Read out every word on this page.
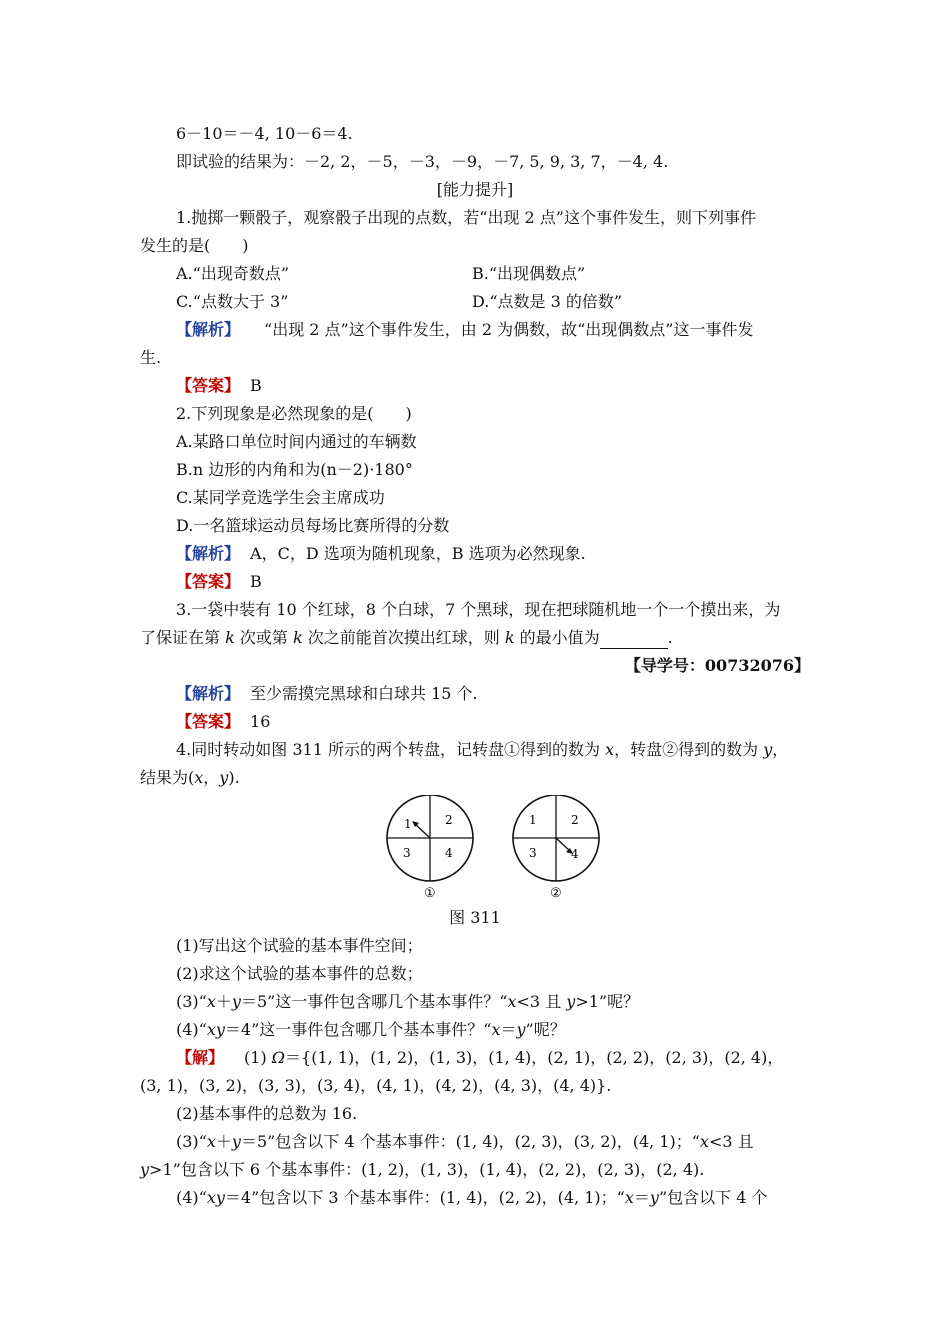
6－10＝－4, 10－6＝4.
即试验的结果为：－2, 2，－5，－3，－9，－7, 5, 9, 3, 7，－4, 4.
[能力提升]
1.抛掷一颗骰子，观察骰子出现的点数，若“出现 2 点”这个事件发生，则下列事件
发生的是(　　)
A.“出现奇数点”	B.“出现偶数点”
C.“点数大于 3”	D.“点数是 3 的倍数”
【解析】 “出现 2 点”这个事件发生，由 2 为偶数，故“出现偶数点”这一事件发
生.
【答案】 B
2.下列现象是必然现象的是(　　)
A.某路口单位时间内通过的车辆数
B.n 边形的内角和为(n－2)·180°
C.某同学竞选学生会主席成功
D.一名篮球运动员每场比赛所得的分数
【解析】 A，C，D 选项为随机现象，B 选项为必然现象.
【答案】 B
3.一袋中装有 10 个红球，8 个白球，7 个黑球，现在把球随机地一个一个摸出来，为
了保证在第 k 次或第 k 次之前能首次摸出红球，则 k 的最小值为	.
【导学号：00732076】
【解析】 至少需摸完黑球和白球共 15 个.
【答案】 16
4.同时转动如图 311 所示的两个转盘，记转盘①得到的数为 x，转盘②得到的数为 y，
结果为(x，y).
1	2
3	4
①
1	2
3	4
②
图 311
(1)写出这个试验的基本事件空间；
(2)求这个试验的基本事件的总数；
(3)“x＋y＝5”这一事件包含哪几个基本事件？“x<3 且 y>1”呢？
(4)“xy＝4”这一事件包含哪几个基本事件？“x＝y”呢？
【解】 (1) Ω＝{(1, 1)，(1, 2)，(1, 3)，(1, 4)，(2, 1)，(2, 2)，(2, 3)，(2, 4)，
(3, 1)，(3, 2)，(3, 3)，(3, 4)，(4, 1)，(4, 2)，(4, 3)，(4, 4)}.
(2)基本事件的总数为 16.
(3)“x＋y＝5”包含以下 4 个基本事件：(1, 4)，(2, 3)，(3, 2)，(4, 1)；“x<3 且
y>1”包含以下 6 个基本事件：(1, 2)，(1, 3)，(1, 4)，(2, 2)，(2, 3)，(2, 4).
(4)“xy＝4”包含以下 3 个基本事件：(1, 4)，(2, 2)，(4, 1)；“x＝y”包含以下 4 个
